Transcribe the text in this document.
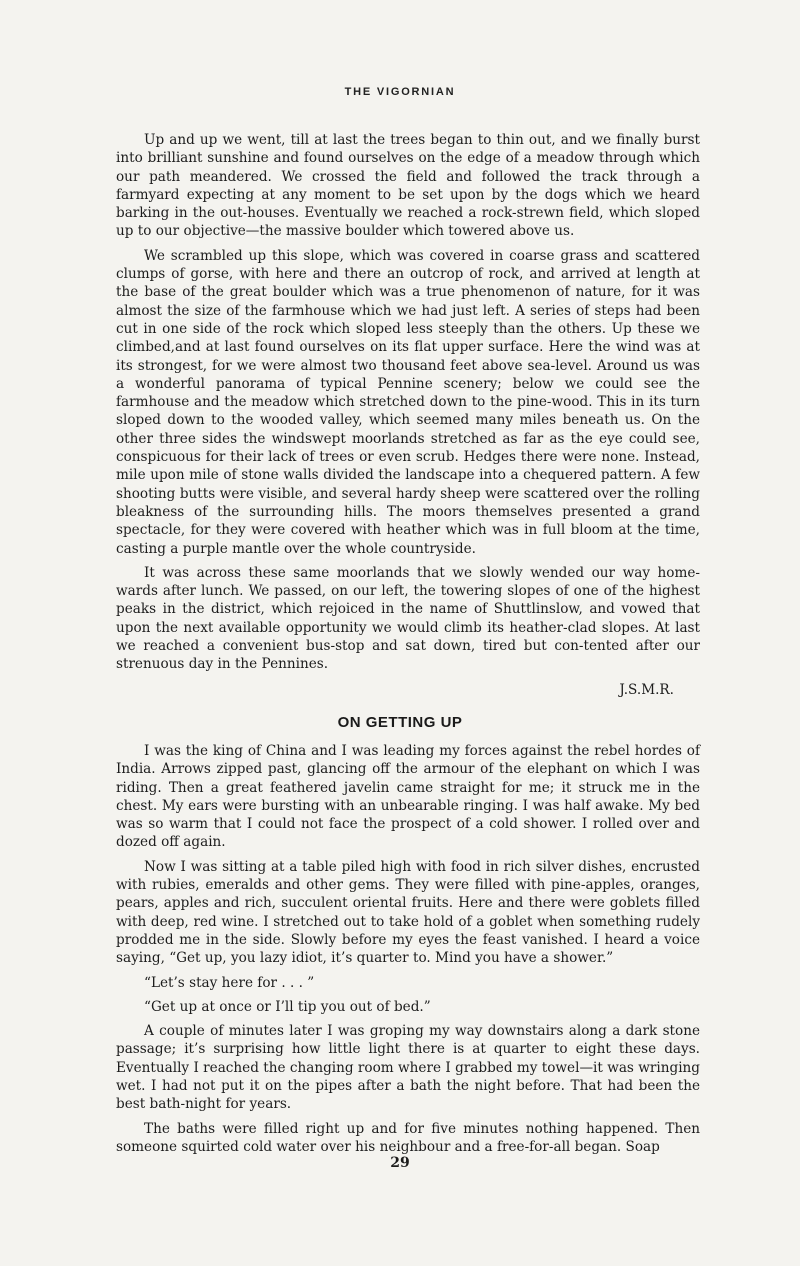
THE VIGORNIAN

Up and up we went, till at last the trees began to thin out, and we finally burst into brilliant sunshine and found ourselves on the edge of a meadow through which our path meandered. We crossed the field and followed the track through a farmyard expecting at any moment to be set upon by the dogs which we heard barking in the out-houses. Eventually we reached a rock-strewn field, which sloped up to our objective—the massive boulder which towered above us.

We scrambled up this slope, which was covered in coarse grass and scattered clumps of gorse, with here and there an outcrop of rock, and arrived at length at the base of the great boulder which was a true phenomenon of nature, for it was almost the size of the farmhouse which we had just left. A series of steps had been cut in one side of the rock which sloped less steeply than the others. Up these we climbed,and at last found ourselves on its flat upper surface. Here the wind was at its strongest, for we were almost two thousand feet above sea-level. Around us was a wonderful panorama of typical Pennine scenery; below we could see the farmhouse and the meadow which stretched down to the pine-wood. This in its turn sloped down to the wooded valley, which seemed many miles beneath us. On the other three sides the windswept moorlands stretched as far as the eye could see, conspicuous for their lack of trees or even scrub. Hedges there were none. Instead, mile upon mile of stone walls divided the landscape into a chequered pattern. A few shooting butts were visible, and several hardy sheep were scattered over the rolling bleakness of the surrounding hills. The moors themselves presented a grand spectacle, for they were covered with heather which was in full bloom at the time, casting a purple mantle over the whole countryside.

It was across these same moorlands that we slowly wended our way home-wards after lunch. We passed, on our left, the towering slopes of one of the highest peaks in the district, which rejoiced in the name of Shuttlinslow, and vowed that upon the next available opportunity we would climb its heather-clad slopes. At last we reached a convenient bus-stop and sat down, tired but con-tented after our strenuous day in the Pennines.

J.S.M.R.
ON GETTING UP

I was the king of China and I was leading my forces against the rebel hordes of India. Arrows zipped past, glancing off the armour of the elephant on which I was riding. Then a great feathered javelin came straight for me; it struck me in the chest. My ears were bursting with an unbearable ringing. I was half awake. My bed was so warm that I could not face the prospect of a cold shower. I rolled over and dozed off again.

Now I was sitting at a table piled high with food in rich silver dishes, encrusted with rubies, emeralds and other gems. They were filled with pine-apples, oranges, pears, apples and rich, succulent oriental fruits. Here and there were goblets filled with deep, red wine. I stretched out to take hold of a goblet when something rudely prodded me in the side. Slowly before my eyes the feast vanished. I heard a voice saying, “Get up, you lazy idiot, it’s quarter to. Mind you have a shower.”

“Let’s stay here for . . . ”

“Get up at once or I’ll tip you out of bed.”

A couple of minutes later I was groping my way downstairs along a dark stone passage; it’s surprising how little light there is at quarter to eight these days. Eventually I reached the changing room where I grabbed my towel—it was wringing wet. I had not put it on the pipes after a bath the night before. That had been the best bath-night for years.

The baths were filled right up and for five minutes nothing happened. Then someone squirted cold water over his neighbour and a free-for-all began. Soap

29
